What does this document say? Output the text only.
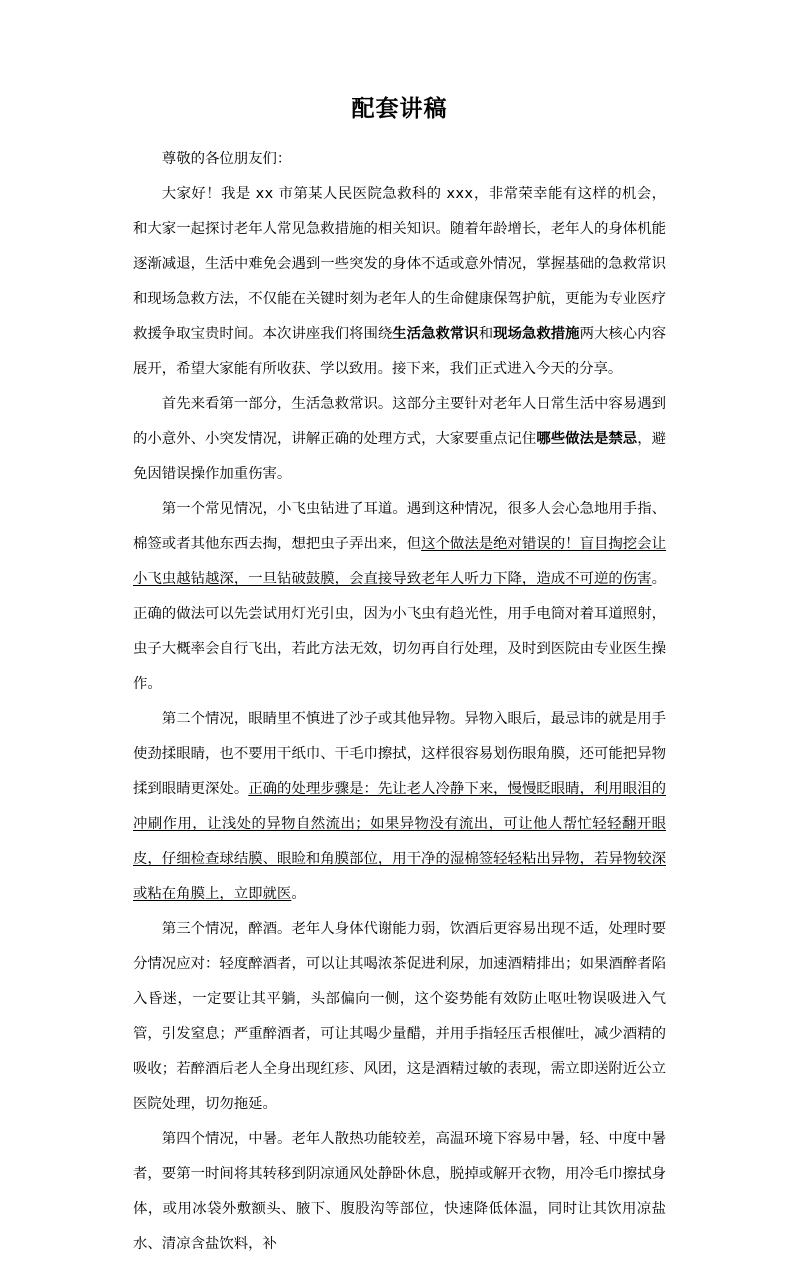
配套讲稿

尊敬的各位朋友们：

大家好！我是 xx 市第某人民医院急救科的 xxx，非常荣幸能有这样的机会，和大家一起探讨老年人常见急救措施的相关知识。随着年龄增长，老年人的身体机能逐渐减退，生活中难免会遇到一些突发的身体不适或意外情况，掌握基础的急救常识和现场急救方法，不仅能在关键时刻为老年人的生命健康保驾护航，更能为专业医疗救援争取宝贵时间。本次讲座我们将围绕生活急救常识和现场急救措施两大核心内容展开，希望大家能有所收获、学以致用。接下来，我们正式进入今天的分享。

首先来看第一部分，生活急救常识。这部分主要针对老年人日常生活中容易遇到的小意外、小突发情况，讲解正确的处理方式，大家要重点记住哪些做法是禁忌，避免因错误操作加重伤害。

第一个常见情况，小飞虫钻进了耳道。遇到这种情况，很多人会心急地用手指、棉签或者其他东西去掏，想把虫子弄出来，但这个做法是绝对错误的！盲目掏挖会让小飞虫越钻越深，一旦钻破鼓膜，会直接导致老年人听力下降，造成不可逆的伤害。正确的做法可以先尝试用灯光引虫，因为小飞虫有趋光性，用手电筒对着耳道照射，虫子大概率会自行飞出，若此方法无效，切勿再自行处理，及时到医院由专业医生操作。

第二个情况，眼睛里不慎进了沙子或其他异物。异物入眼后，最忌讳的就是用手使劲揉眼睛，也不要用干纸巾、干毛巾擦拭，这样很容易划伤眼角膜，还可能把异物揉到眼睛更深处。正确的处理步骤是：先让老人冷静下来，慢慢眨眼睛，利用眼泪的冲刷作用，让浅处的异物自然流出；如果异物没有流出，可让他人帮忙轻轻翻开眼皮，仔细检查球结膜、眼睑和角膜部位，用干净的湿棉签轻轻粘出异物，若异物较深或粘在角膜上，立即就医。

第三个情况，醉酒。老年人身体代谢能力弱，饮酒后更容易出现不适，处理时要分情况应对：轻度醉酒者，可以让其喝浓茶促进利尿，加速酒精排出；如果酒醉者陷入昏迷，一定要让其平躺，头部偏向一侧，这个姿势能有效防止呕吐物误吸进入气管，引发窒息；严重醉酒者，可让其喝少量醋，并用手指轻压舌根催吐，减少酒精的吸收；若醉酒后老人全身出现红疹、风团，这是酒精过敏的表现，需立即送附近公立医院处理，切勿拖延。

第四个情况，中暑。老年人散热功能较差，高温环境下容易中暑，轻、中度中暑者，要第一时间将其转移到阴凉通风处静卧休息，脱掉或解开衣物，用冷毛巾擦拭身体，或用冰袋外敷额头、腋下、腹股沟等部位，快速降低体温，同时让其饮用凉盐水、清凉含盐饮料，补
